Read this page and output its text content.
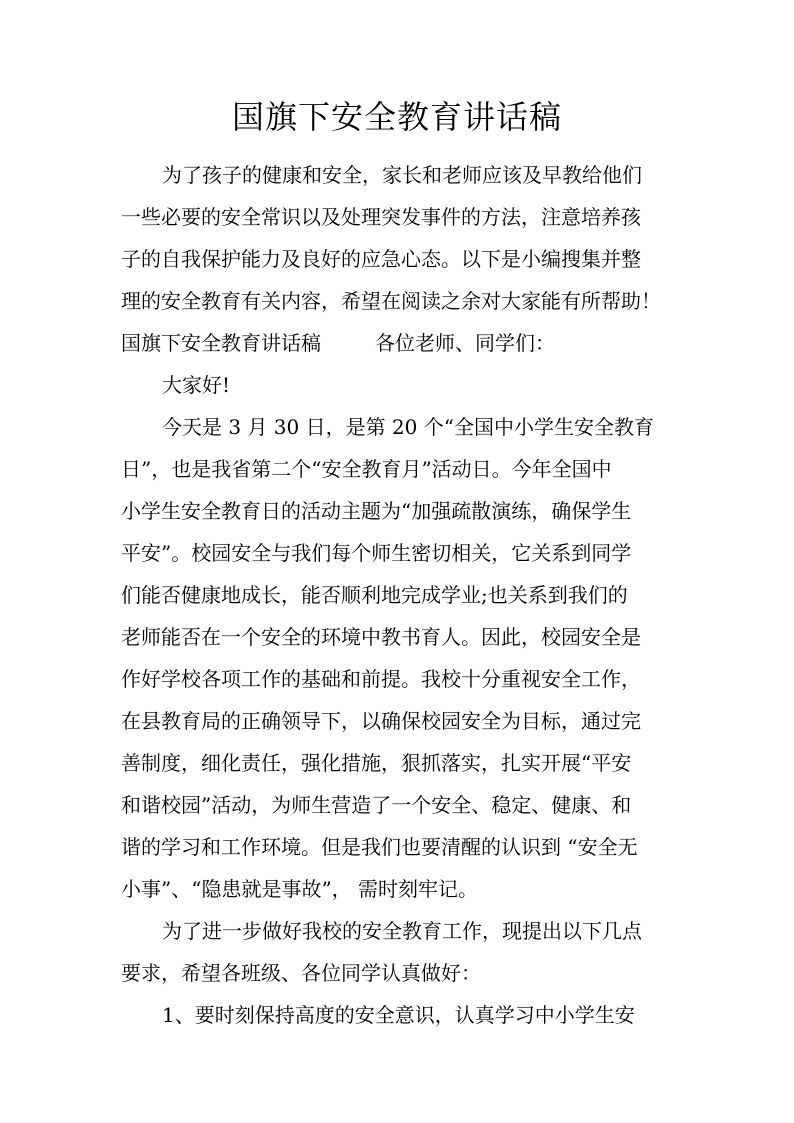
国旗下安全教育讲话稿
为了孩子的健康和安全，家长和老师应该及早教给他们
一些必要的安全常识以及处理突发事件的方法，注意培养孩
子的自我保护能力及良好的应急心态。以下是小编搜集并整
理的安全教育有关内容，希望在阅读之余对大家能有所帮助！
国旗下安全教育讲话稿	各位老师、同学们：
大家好!
今天是 3 月 30 日，是第 20 个“全国中小学生安全教育
日”，也是我省第二个“安全教育月”活动日。今年全国中
小学生安全教育日的活动主题为“加强疏散演练，确保学生
平安”。校园安全与我们每个师生密切相关，它关系到同学
们能否健康地成长，能否顺利地完成学业;也关系到我们的
老师能否在一个安全的环境中教书育人。因此，校园安全是
作好学校各项工作的基础和前提。我校十分重视安全工作，
在县教育局的正确领导下，以确保校园安全为目标，通过完
善制度，细化责任，强化措施，狠抓落实，扎实开展“平安
和谐校园”活动，为师生营造了一个安全、稳定、健康、和
谐的学习和工作环境。但是我们也要清醒的认识到 “安全无
小事”、“隐患就是事故”， 需时刻牢记。
为了进一步做好我校的安全教育工作，现提出以下几点
要求，希望各班级、各位同学认真做好：
1、要时刻保持高度的安全意识，认真学习中小学生安
